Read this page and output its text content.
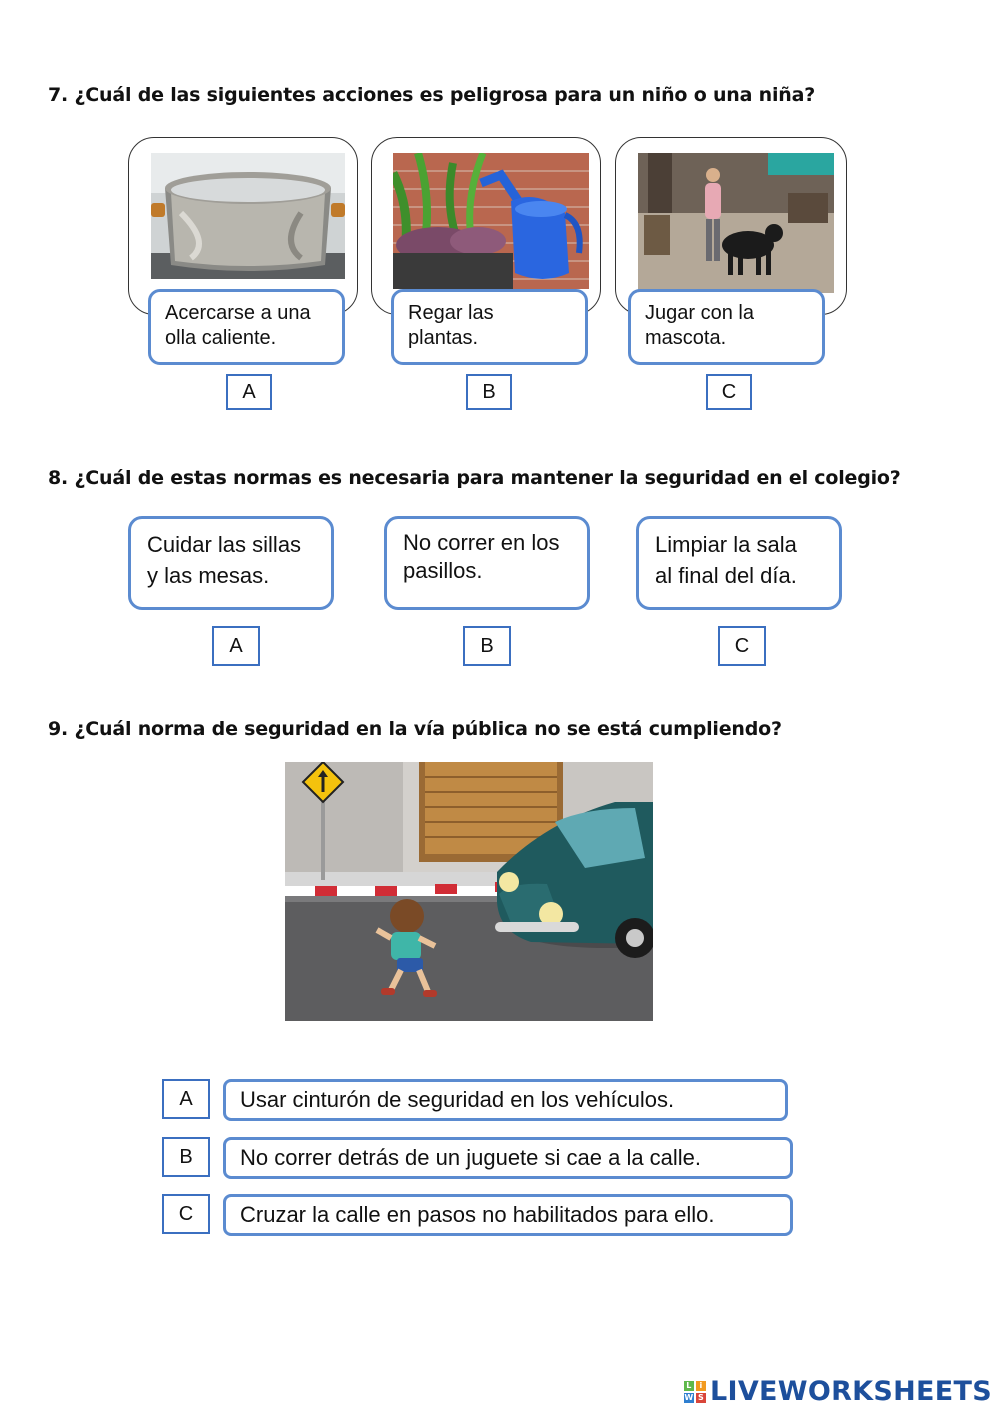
7. ¿Cuál de las siguientes acciones es peligrosa para un niño o una niña?
Acercarse a una
olla caliente.
A
Regar las
plantas.
B
Jugar con la
mascota.
C
8. ¿Cuál de estas normas es necesaria para mantener la seguridad en el colegio?
Cuidar las sillas
y las mesas.
No correr en los
pasillos.
Limpiar la sala
al final del día.
A	B	C
9. ¿Cuál norma de seguridad en la vía pública no se está cumpliendo?
A	Usar cinturón de seguridad en los vehículos.
B	No correr detrás de un juguete si cae a la calle.
C	Cruzar la calle en pasos no habilitados para ello.
L i
W S LIVEWORKSHEETS
